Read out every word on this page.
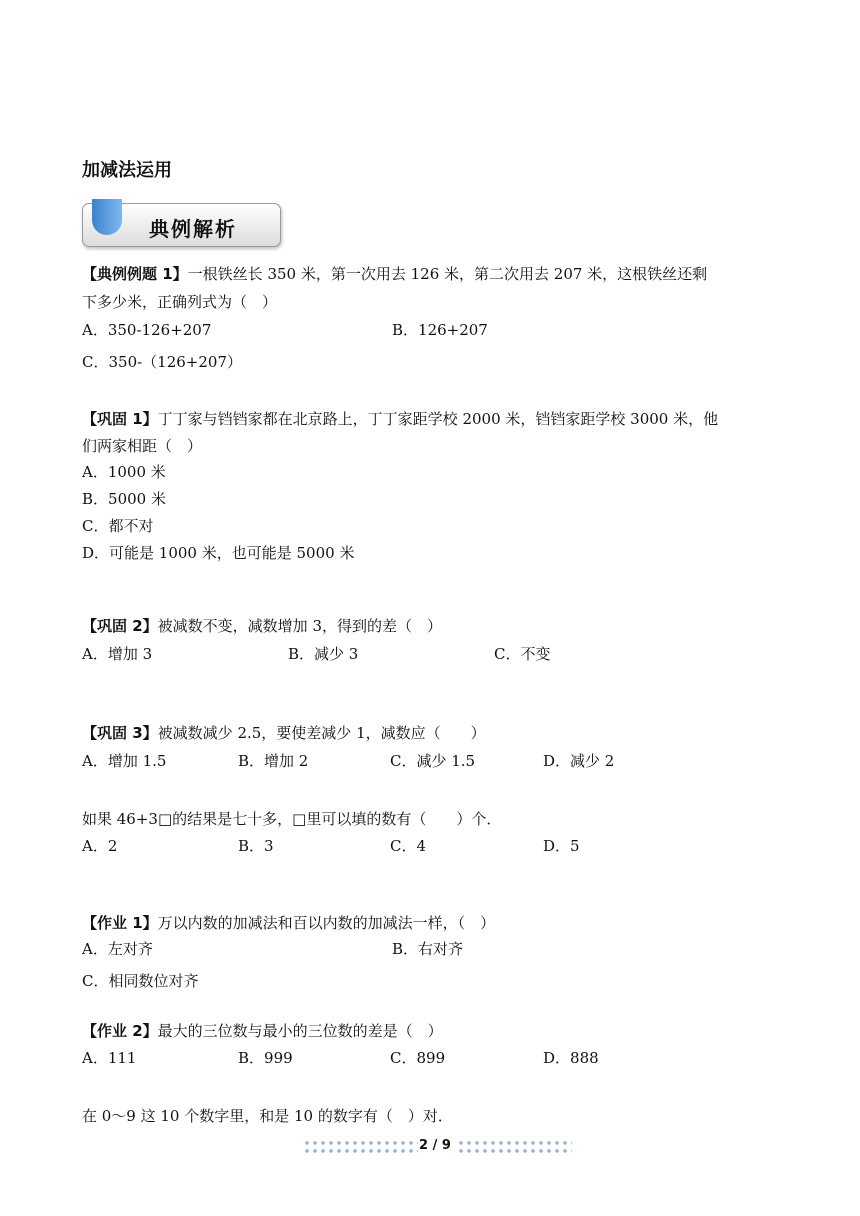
加减法运用
典例解析
【典例例题 1】一根铁丝长 350 米，第一次用去 126 米，第二次用去 207 米，这根铁丝还剩
下多少米，正确列式为（　）
A．350-126+207	B．126+207
C．350-（126+207）
【巩固 1】丁丁家与铛铛家都在北京路上，丁丁家距学校 2000 米，铛铛家距学校 3000 米，他
们两家相距（　）
A．1000 米
B．5000 米
C．都不对
D．可能是 1000 米，也可能是 5000 米
【巩固 2】被减数不变，减数增加 3，得到的差（　）
A．增加 3	B．减少 3	C．不变
【巩固 3】被减数减少 2.5，要使差减少 1，减数应（　　）
A．增加 1.5	B．增加 2	C．减少 1.5	D．减少 2
如果 46+3□的结果是七十多，□里可以填的数有（　　）个．
A．2	B．3	C．4	D．5
【作业 1】万以内数的加减法和百以内数的加减法一样，（　）
A．左对齐	B．右对齐
C．相同数位对齐
【作业 2】最大的三位数与最小的三位数的差是（　）
A．111	B．999	C．899	D．888
在 0～9 这 10 个数字里，和是 10 的数字有（　）对．
2 / 9
